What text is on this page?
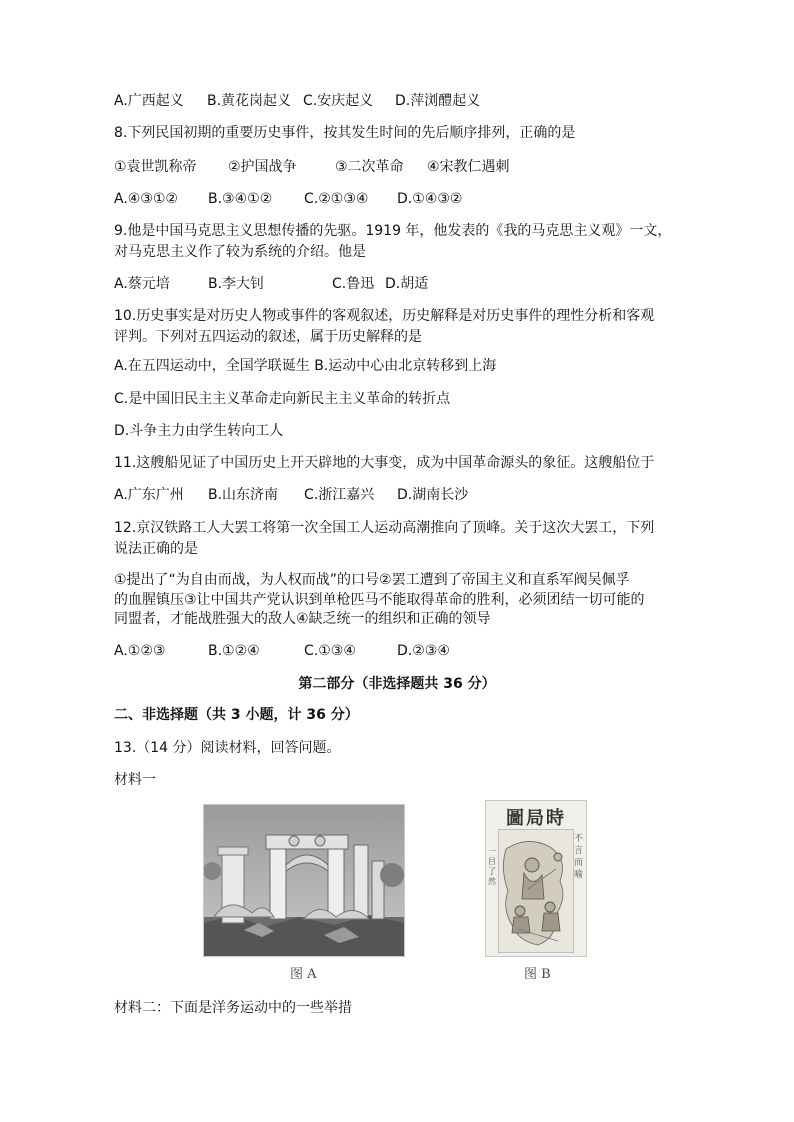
A.广西起义 B.黄花岗起义 C.安庆起义 D.萍浏醴起义
8.下列民国初期的重要历史事件，按其发生时间的先后顺序排列，正确的是
①袁世凯称帝 ②护国战争	③二次革命 ④宋教仁遇刺
A.④③①② B.③④①② C.②①③④ D.①④③②
9.他是中国马克思主义思想传播的先驱。1919 年，他发表的《我的马克思主义观》一文，
对马克思主义作了较为系统的介绍。他是
A.蔡元培	B.李大钊	C.鲁迅 D.胡适
10.历史事实是对历史人物或事件的客观叙述，历史解释是对历史事件的理性分析和客观
评判。下列对五四运动的叙述，属于历史解释的是
A.在五四运动中，全国学联诞生 B.运动中心由北京转移到上海
C.是中国旧民主主义革命走向新民主主义革命的转折点
D.斗争主力由学生转向工人
11.这艘船见证了中国历史上开天辟地的大事变，成为中国革命源头的象征。这艘船位于
A.广东广州 B.山东济南 C.浙江嘉兴 D.湖南长沙
12.京汉铁路工人大罢工将第一次全国工人运动高潮推向了顶峰。关于这次大罢工，下列
说法正确的是
①提出了“为自由而战，为人权而战”的口号②罢工遭到了帝国主义和直系军阀吴佩孚
的血腥镇压③让中国共产党认识到单枪匹马不能取得革命的胜利，必须团结一切可能的
同盟者，才能战胜强大的敌人④缺乏统一的组织和正确的领导
A.①②③	B.①②④	C.①③④	D.②③④
第二部分（非选择题共 36 分）
二、非选择题（共 3 小题，计 36 分）
13.（14 分）阅读材料，回答问题。
材料一
圖局時
不言而喻
一目了然
图 A	图 B
材料二：下面是洋务运动中的一些举措
